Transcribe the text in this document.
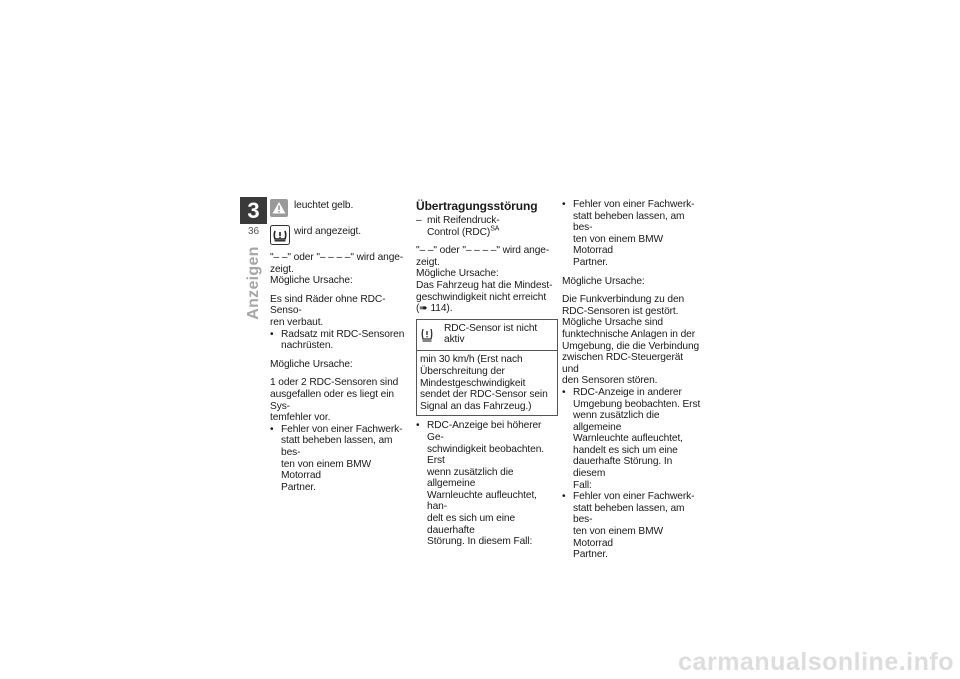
3
36
Anzeigen

leuchtet gelb.

wird angezeigt.

"– –" oder "– – – –" wird ange-
zeigt.

Mögliche Ursache:

Es sind Räder ohne RDC-Senso-
ren verbaut.

• Radsatz mit RDC-Sensoren
nachrüsten.

Mögliche Ursache:

1 oder 2 RDC-Sensoren sind
ausgefallen oder es liegt ein Sys-
temfehler vor.

• Fehler von einer Fachwerk-
statt beheben lassen, am bes-
ten von einem BMW Motorrad
Partner.
Übertragungsstörung
– mit Reifendruck-
Control (RDC)$^{SA}$

"– –" oder "– – – –" wird ange-
zeigt.

Mögliche Ursache:

Das Fahrzeug hat die Mindest-
geschwindigkeit nicht erreicht
(➠ 114).

RDC-Sensor ist nicht
aktiv
min 30 km/h (Erst nach
Überschreitung der
Mindestgeschwindigkeit
sendet der RDC-Sensor sein
Signal an das Fahrzeug.)
• RDC-Anzeige bei höherer Ge-
schwindigkeit beobachten. Erst
wenn zusätzlich die allgemeine
Warnleuchte aufleuchtet, han-
delt es sich um eine dauerhafte
Störung. In diesem Fall:
• Fehler von einer Fachwerk-
statt beheben lassen, am bes-
ten von einem BMW Motorrad
Partner.

Mögliche Ursache:

Die Funkverbindung zu den
RDC-Sensoren ist gestört.
Mögliche Ursache sind
funktechnische Anlagen in der
Umgebung, die die Verbindung
zwischen RDC-Steuergerät und
den Sensoren stören.

• RDC-Anzeige in anderer
Umgebung beobachten. Erst
wenn zusätzlich die allgemeine
Warnleuchte aufleuchtet,
handelt es sich um eine
dauerhafte Störung. In diesem
Fall:
• Fehler von einer Fachwerk-
statt beheben lassen, am bes-
ten von einem BMW Motorrad
Partner.
carmanualsonline.info
